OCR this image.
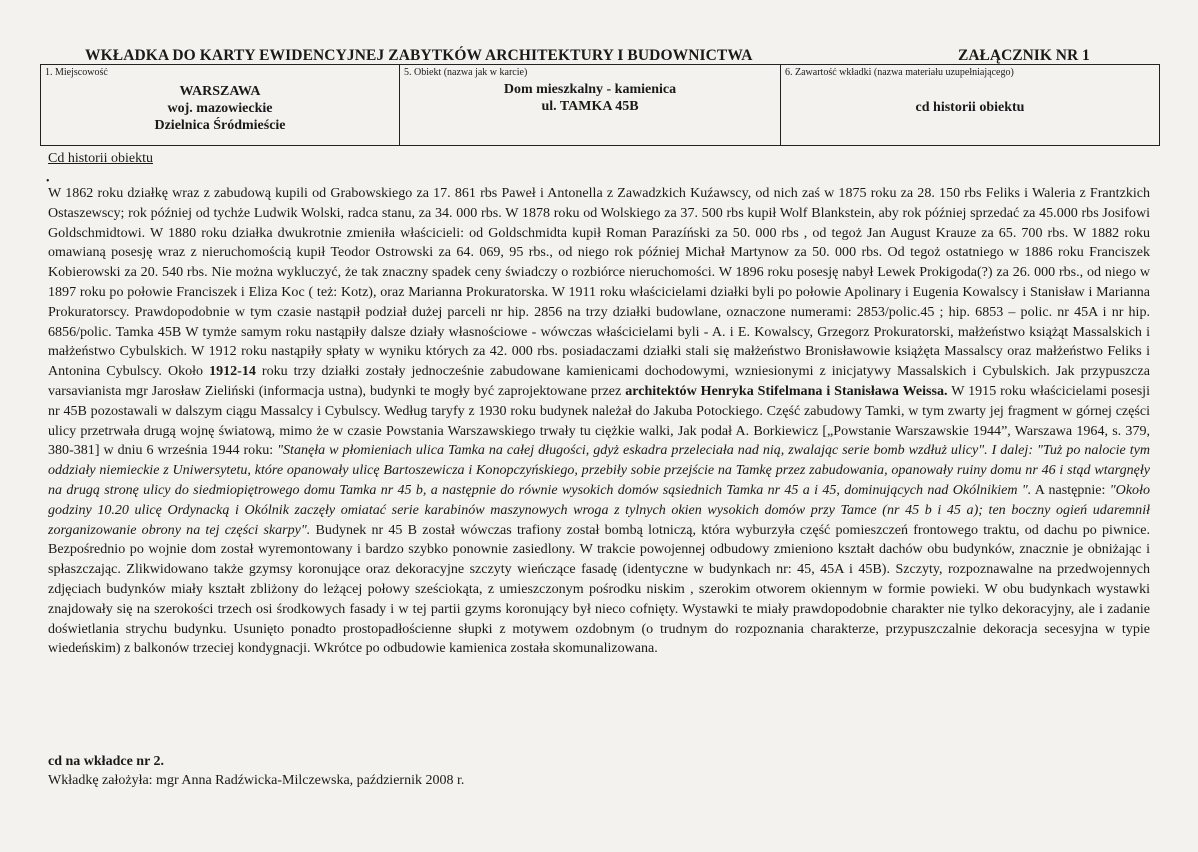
WKŁADKA DO KARTY EWIDENCYJNEJ ZABYTKÓW ARCHITEKTURY I BUDOWNICTWA	ZAŁĄCZNIK NR 1
1. Miejscowość
WARSZAWA
woj. mazowieckie
Dzielnica Śródmieście
5. Obiekt (nazwa jak w karcie)
Dom mieszkalny - kamienica
ul. TAMKA 45B
6. Zawartość wkładki (nazwa materiału uzupełniającego)
cd historii obiektu
Cd historii obiektu
•

W 1862 roku działkę wraz z zabudową kupili od Grabowskiego za 17. 861 rbs Paweł i Antonella z Zawadzkich Kuźawscy, od nich zaś w 1875 roku za 28. 150 rbs Feliks i Waleria z Frantzkich Ostaszewscy; rok później od tychże Ludwik Wolski, radca stanu, za 34. 000 rbs. W 1878 roku od Wolskiego za 37. 500 rbs kupił Wolf Blankstein, aby rok później sprzedać za 45.000 rbs Josifowi Goldschmidtowi. W 1880 roku działka dwukrotnie zmieniła właścicieli: od Goldschmidta kupił Roman Parazíński za 50. 000 rbs , od tegoż Jan August Krauze za 65. 700 rbs. W 1882 roku omawianą posesję wraz z nieruchomością kupił Teodor Ostrowski za 64. 069, 95 rbs., od niego rok później Michał Martynow za 50. 000 rbs. Od tegoż ostatniego w 1886 roku Franciszek Kobierowski za 20. 540 rbs. Nie można wykluczyć, że tak znaczny spadek ceny świadczy o rozbiórce nieruchomości. W 1896 roku posesję nabył Lewek Prokigoda(?) za 26. 000 rbs., od niego w 1897 roku po połowie Franciszek i Eliza Koc ( też: Kotz), oraz Marianna Prokuratorska. W 1911 roku właścicielami działki byli po połowie Apolinary i Eugenia Kowalscy i Stanisław i Marianna Prokuratorscy. Prawdopodobnie w tym czasie nastąpił podział dużej parceli nr hip. 2856 na trzy działki budowlane, oznaczone numerami: 2853/polic.45 ; hip. 6853 – polic. nr 45A i nr hip. 6856/polic. Tamka 45B W tymże samym roku nastąpiły dalsze działy własnościowe - wówczas właścicielami byli - A. i E. Kowalscy, Grzegorz Prokuratorski, małżeństwo książąt Massalskich i małżeństwo Cybulskich. W 1912 roku nastąpiły spłaty w wyniku których za 42. 000 rbs. posiadaczami działki stali się małżeństwo Bronisławowie książęta Massalscy oraz małżeństwo Feliks i Antonina Cybulscy. Około 1912-14 roku trzy działki zostały jednocześnie zabudowane kamienicami dochodowymi, wzniesionymi z inicjatywy Massalskich i Cybulskich. Jak przypuszcza varsavianista mgr Jarosław Zieliński (informacja ustna), budynki te mogły być zaprojektowane przez architektów Henryka Stifelmana i Stanisława Weissa. W 1915 roku właścicielami posesji nr 45B pozostawali w dalszym ciągu Massalcy i Cybulscy. Według taryfy z 1930 roku budynek należał do Jakuba Potockiego. Część zabudowy Tamki, w tym zwarty jej fragment w górnej części ulicy przetrwała drugą wojnę światową, mimo że w czasie Powstania Warszawskiego trwały tu ciężkie walki, Jak podał A. Borkiewicz [„Powstanie Warszawskie 1944”, Warszawa 1964, s. 379, 380-381] w dniu 6 września 1944 roku: "Stanęła w płomieniach ulica Tamka na całej długości, gdyż eskadra przeleciała nad nią, zwalając serie bomb wzdłuż ulicy". I dalej: "Tuż po nalocie tym oddziały niemieckie z Uniwersytetu, które opanowały ulicę Bartoszewicza i Konopczyńskiego, przebiły sobie przejście na Tamkę przez zabudowania, opanowały ruiny domu nr 46 i stąd wtargnęły na drugą stronę ulicy do siedmiopiętrowego domu Tamka nr 45 b, a następnie do równie wysokich domów sąsiednich Tamka nr 45 a i 45, dominujących nad Okólnikiem ". A następnie: "Około godziny 10.20 ulicę Ordynacką i Okólnik zaczęły omiatać serie karabinów maszynowych wroga z tylnych okien wysokich domów przy Tamce (nr 45 b i 45 a); ten boczny ogień udaremnił zorganizowanie obrony na tej części skarpy". Budynek nr 45 B został wówczas trafiony został bombą lotniczą, która wyburzyła część pomieszczeń frontowego traktu, od dachu po piwnice. Bezpośrednio po wojnie dom został wyremontowany i bardzo szybko ponownie zasiedlony. W trakcie powojennej odbudowy zmieniono kształt dachów obu budynków, znacznie je obniżając i spłaszczając. Zlikwidowano także gzymsy koronujące oraz dekoracyjne szczyty wieńczące fasadę (identyczne w budynkach nr: 45, 45A i 45B). Szczyty, rozpoznawalne na przedwojennych zdjęciach budynków miały kształt zbliżony do leżącej połowy sześciokąta, z umieszczonym pośrodku niskim , szerokim otworem okiennym w formie powieki. W obu budynkach wystawki znajdowały się na szerokości trzech osi środkowych fasady i w tej partii gzyms koronujący był nieco cofnięty. Wystawki te miały prawdopodobnie charakter nie tylko dekoracyjny, ale i zadanie doświetlania strychu budynku. Usunięto ponadto prostopadłościenne słupki z motywem ozdobnym (o trudnym do rozpoznania charakterze, przypuszczalnie dekoracja secesyjna w typie wiedeńskim) z balkonów trzeciej kondygnacji. Wkrótce po odbudowie kamienica została skomunalizowana.

cd na wkładce nr 2.
Wkładkę założyła: mgr Anna Radźwicka-Milczewska, październik 2008 r.
